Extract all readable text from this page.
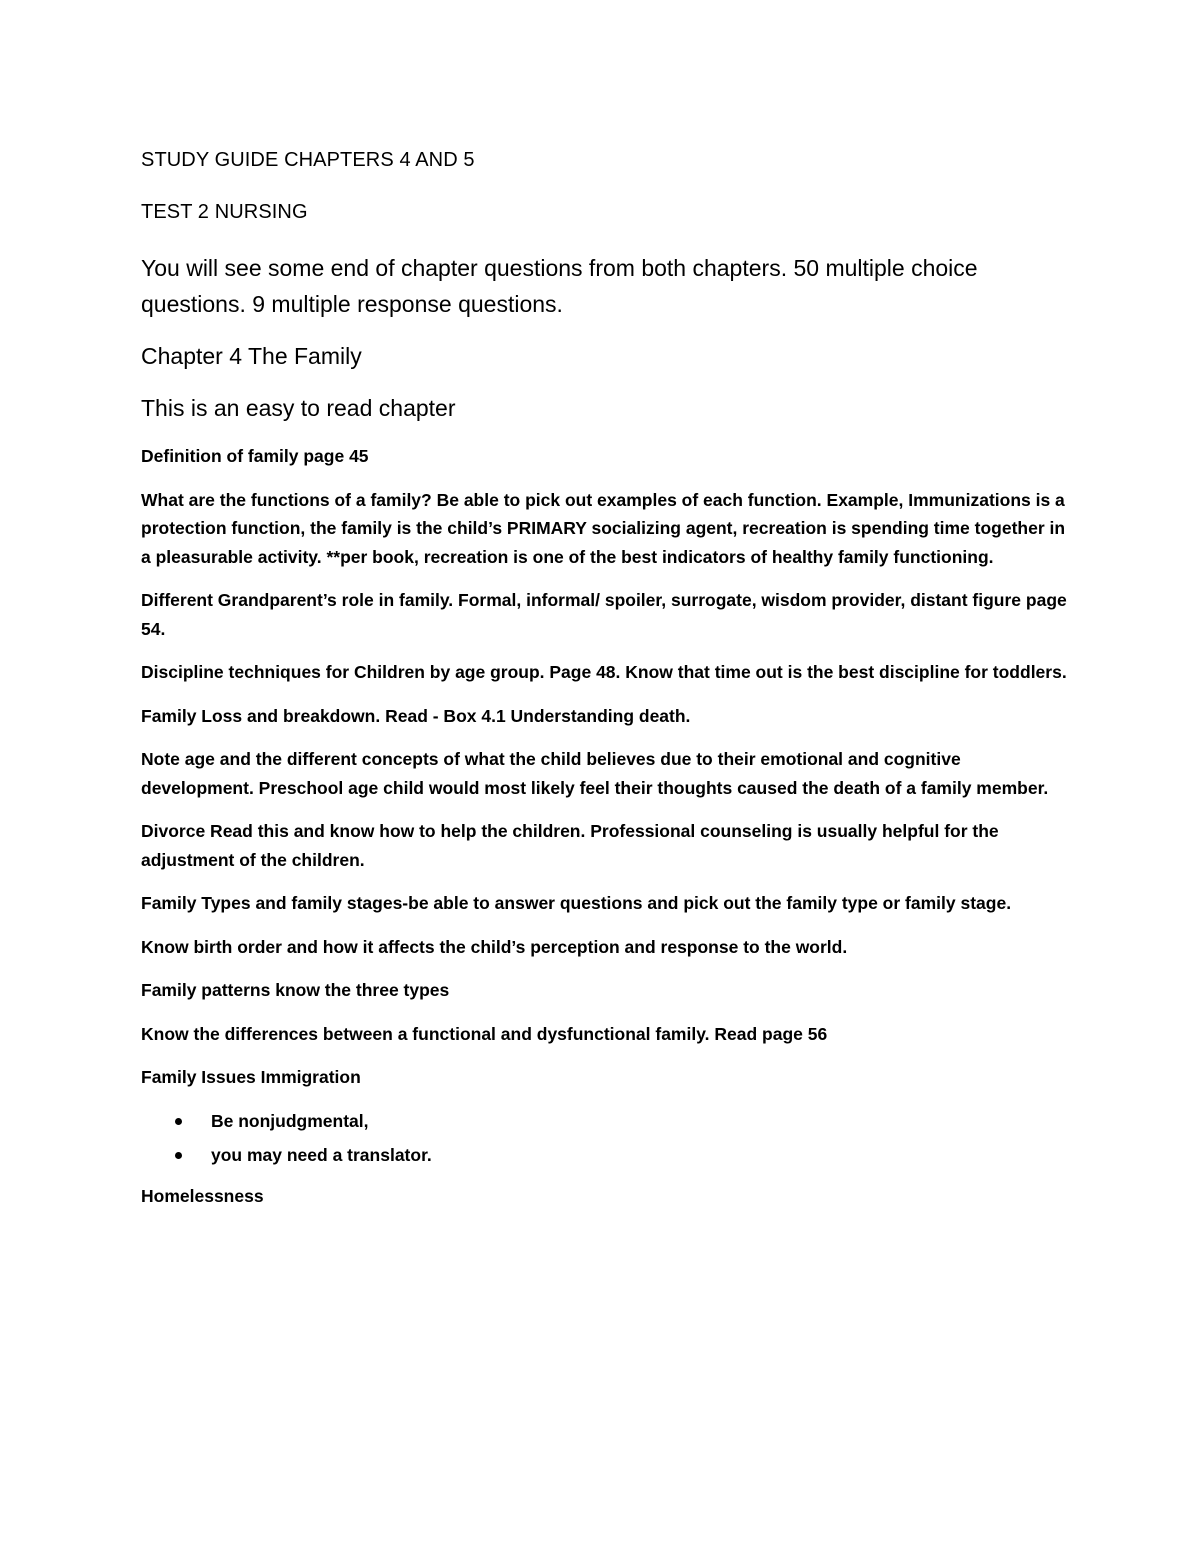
STUDY GUIDE CHAPTERS 4 AND 5
TEST 2 NURSING
You will see some end of chapter questions from both chapters. 50 multiple choice questions. 9 multiple response questions.
Chapter 4 The Family
This is an easy to read chapter
Definition of family page 45
What are the functions of a family? Be able to pick out examples of each function. Example, Immunizations is a protection function, the family is the child’s PRIMARY socializing agent, recreation is spending time together in a pleasurable activity. **per book, recreation is one of the best indicators of healthy family functioning.
Different Grandparent’s role in family. Formal, informal/ spoiler, surrogate, wisdom provider, distant figure page 54.
Discipline techniques for Children by age group. Page 48. Know that time out is the best discipline for toddlers.
Family Loss and breakdown. Read - Box 4.1 Understanding death.
Note age and the different concepts of what the child believes due to their emotional and cognitive development. Preschool age child would most likely feel their thoughts caused the death of a family member.
Divorce Read this and know how to help the children. Professional counseling is usually helpful for the adjustment of the children.
Family Types and family stages-be able to answer questions and pick out the family type or family stage.
Know birth order and how it affects the child’s perception and response to the world.
Family patterns know the three types
Know the differences between a functional and dysfunctional family. Read page 56
Family Issues Immigration
Be nonjudgmental,
you may need a translator.
Homelessness
